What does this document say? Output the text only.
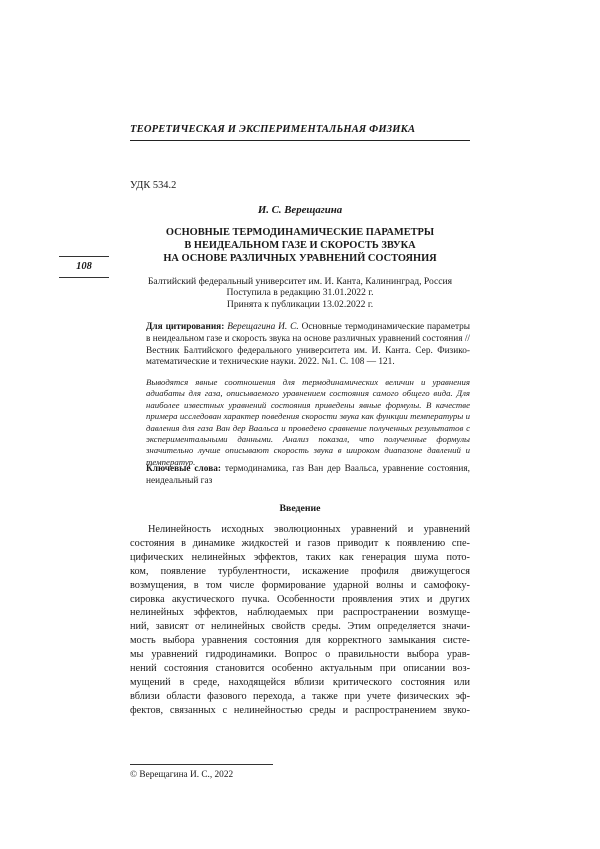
ТЕОРЕТИЧЕСКАЯ И ЭКСПЕРИМЕНТАЛЬНАЯ ФИЗИКА
108
УДК 534.2
И. С. Верещагина
ОСНОВНЫЕ ТЕРМОДИНАМИЧЕСКИЕ ПАРАМЕТРЫ
В НЕИДЕАЛЬНОМ ГАЗЕ И СКОРОСТЬ ЗВУКА
НА ОСНОВЕ РАЗЛИЧНЫХ УРАВНЕНИЙ СОСТОЯНИЯ
Балтийский федеральный университет им. И. Канта, Калининград, Россия
Поступила в редакцию 31.01.2022 г.
Принята к публикации 13.02.2022 г.
Для цитирования: Верещагина И. С. Основные термодинамические параметры в неидеальном газе и скорость звука на основе различных уравнений состояния // Вестник Балтийского федерального университета им. И. Канта. Сер. Физико-математические и технические науки. 2022. №1. С. 108 — 121.
Выводятся явные соотношения для термодинамических величин и уравнения адиабаты для газа, описываемого уравнением состояния самого общего вида. Для наиболее известных уравнений состояния приведены явные формулы. В качестве примера исследован характер поведения скорости звука как функции температуры и давления для газа Ван дер Ваальса и проведено сравнение полученных результатов с экспериментальными данными. Анализ показал, что полученные формулы значительно лучше описывают скорость звука в широком диапазоне давлений и температур.
Ключевые слова: термодинамика, газ Ван дер Ваальса, уравнение состояния, неидеальный газ
Введение
Нелинейность исходных эволюционных уравнений и уравнений
состояния в динамике жидкостей и газов приводит к появлению спе-
цифических нелинейных эффектов, таких как генерация шума пото-
ком, появление турбулентности, искажение профиля движущегося
возмущения, в том числе формирование ударной волны и самофоку-
сировка акустического пучка. Особенности проявления этих и других
нелинейных эффектов, наблюдаемых при распространении возмуще-
ний, зависят от нелинейных свойств среды. Этим определяется значи-
мость выбора уравнения состояния для корректного замыкания систе-
мы уравнений гидродинамики. Вопрос о правильности выбора урав-
нений состояния становится особенно актуальным при описании воз-
мущений в среде, находящейся вблизи критического состояния или
вблизи области фазового перехода, а также при учете физических эф-
фектов, связанных с нелинейностью среды и распространением звуко-
© Верещагина И. С., 2022
